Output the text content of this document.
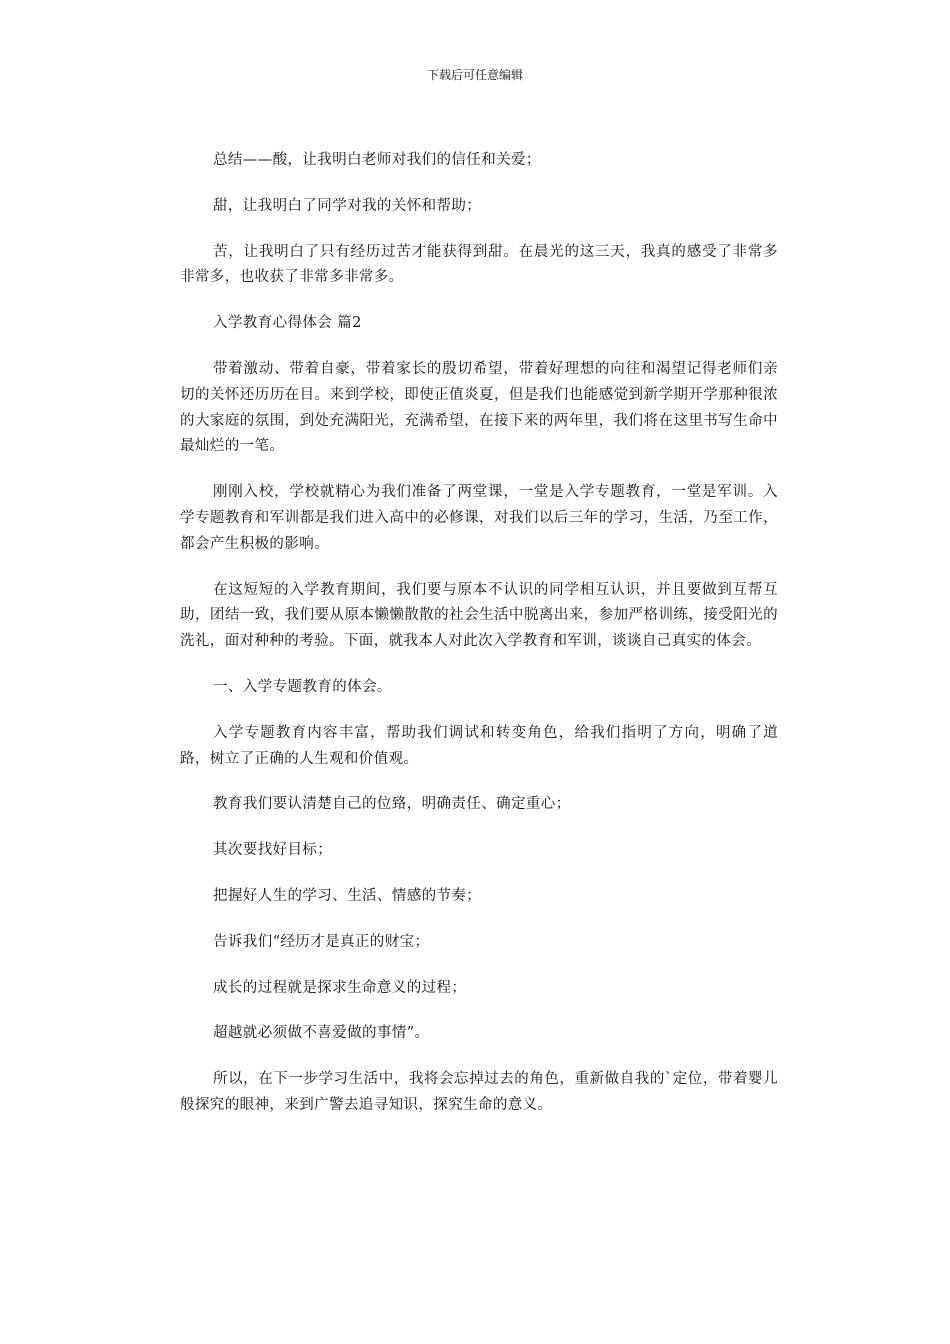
下载后可任意编辑

总结——酸，让我明白老师对我们的信任和关爱；

甜，让我明白了同学对我的关怀和帮助；

苦，让我明白了只有经历过苦才能获得到甜。在晨光的这三天，我真的感受了非常多非常多，也收获了非常多非常多。

入学教育心得体会 篇2

带着激动、带着自豪，带着家长的殷切希望，带着好理想的向往和渴望记得老师们亲切的关怀还历历在目。来到学校，即使正值炎夏，但是我们也能感觉到新学期开学那种很浓的大家庭的氛围，到处充满阳光，充满希望，在接下来的两年里，我们将在这里书写生命中最灿烂的一笔。

刚刚入校，学校就精心为我们准备了两堂课，一堂是入学专题教育，一堂是军训。入学专题教育和军训都是我们进入高中的必修课，对我们以后三年的学习，生活，乃至工作，都会产生积极的影响。

在这短短的入学教育期间，我们要与原本不认识的同学相互认识，并且要做到互帮互助，团结一致，我们要从原本懒懒散散的社会生活中脱离出来，参加严格训练，接受阳光的洗礼，面对种种的考验。下面，就我本人对此次入学教育和军训，谈谈自己真实的体会。

一、入学专题教育的体会。

入学专题教育内容丰富，帮助我们调试和转变角色，给我们指明了方向，明确了道路，树立了正确的人生观和价值观。

教育我们要认清楚自己的位臵，明确责任、确定重心；

其次要找好目标；

把握好人生的学习、生活、情感的节奏；

告诉我们“经历才是真正的财宝；

成长的过程就是探求生命意义的过程；

超越就必须做不喜爱做的事情”。

所以，在下一步学习生活中，我将会忘掉过去的角色，重新做自我的`定位，带着婴儿般探究的眼神，来到广警去追寻知识，探究生命的意义。
